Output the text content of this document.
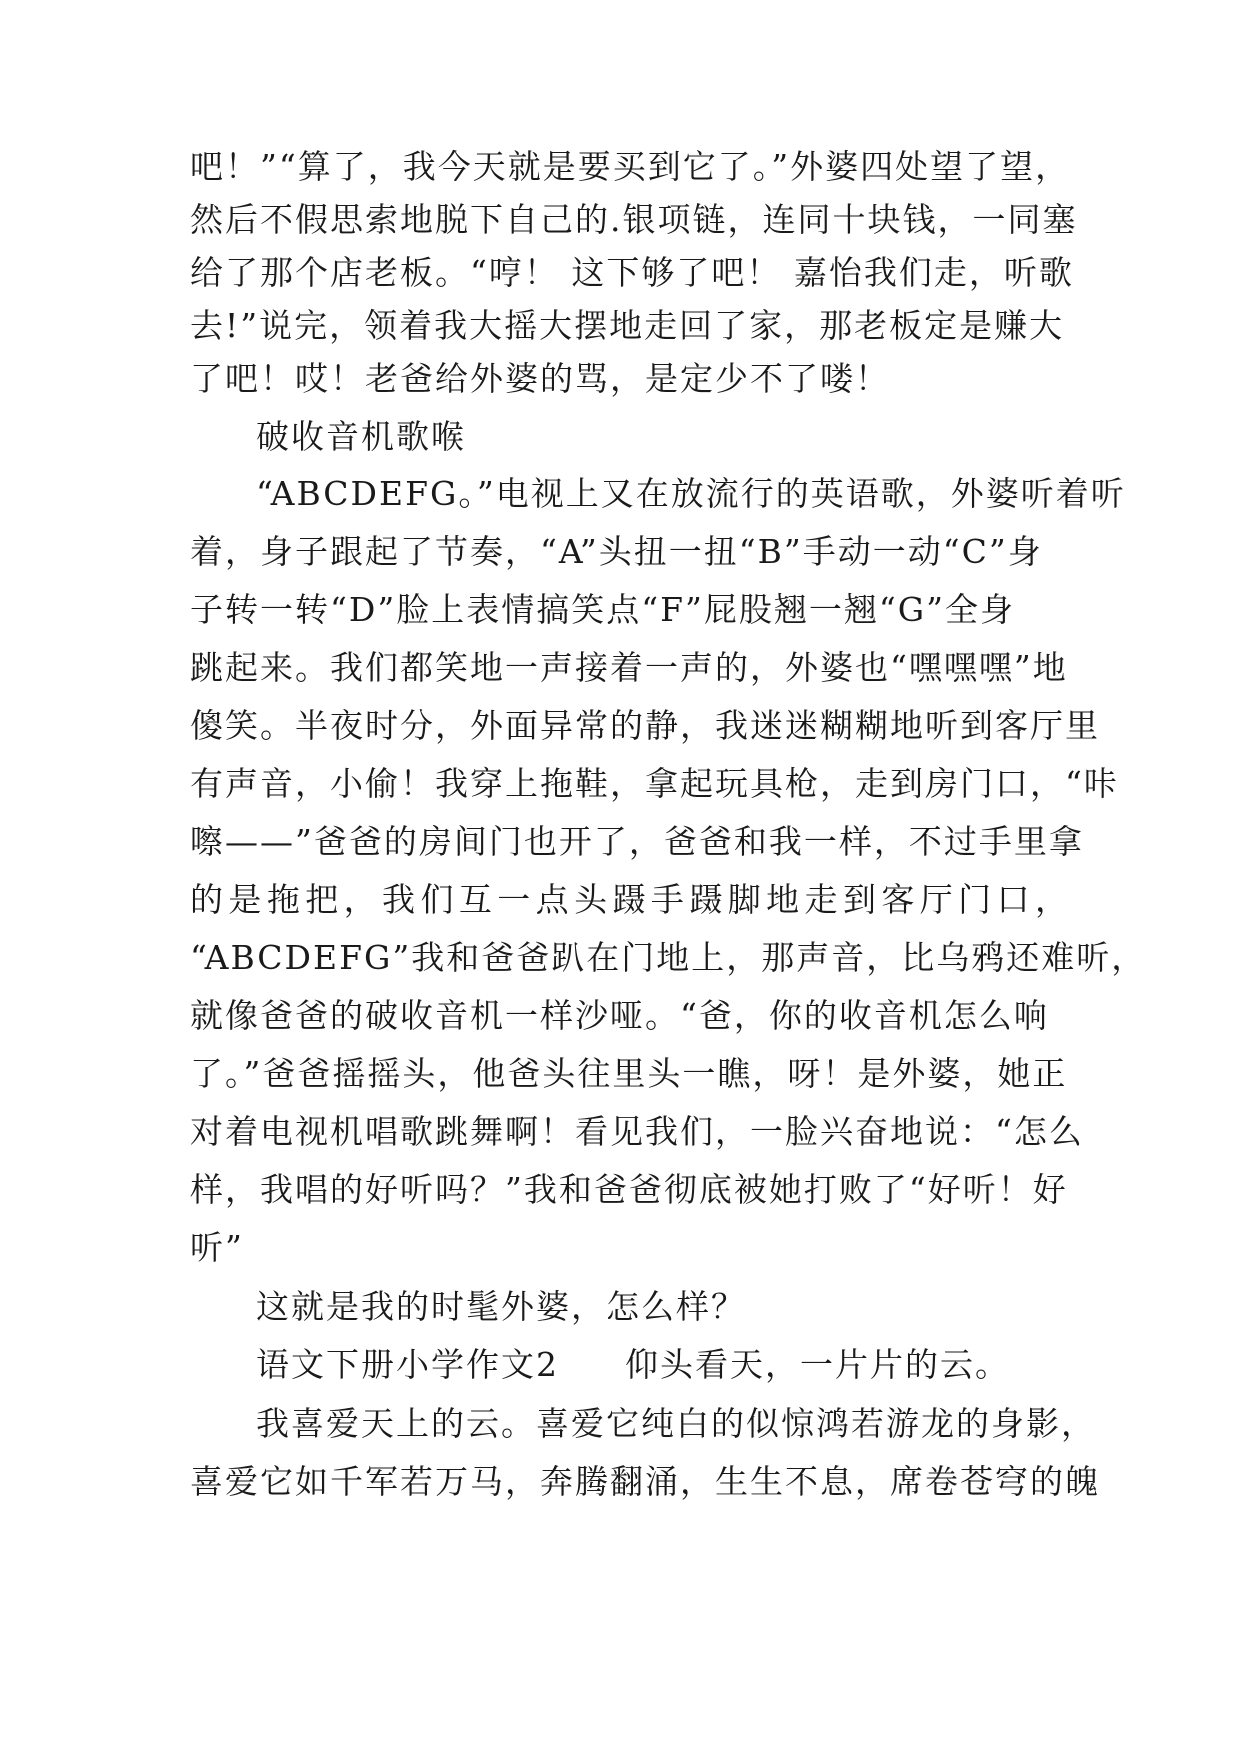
吧！”“算了，我今天就是要买到它了。”外婆四处望了望，
然后不假思索地脱下自己的.银项链，连同十块钱，一同塞
给了那个店老板。“哼！ 这下够了吧！ 嘉怡我们走，听歌
去!”说完，领着我大摇大摆地走回了家，那老板定是赚大
了吧！哎！老爸给外婆的骂，是定少不了喽！
破收音机歌喉
“ABCDEFG。”电视上又在放流行的英语歌，外婆听着听
着，身子跟起了节奏，“A”头扭一扭“B”手动一动“C”身
子转一转“D”脸上表情搞笑点“F”屁股翘一翘“G”全身
跳起来。我们都笑地一声接着一声的，外婆也“嘿嘿嘿”地
傻笑。半夜时分，外面异常的静，我迷迷糊糊地听到客厅里
有声音，小偷！我穿上拖鞋，拿起玩具枪，走到房门口，“咔
嚓——”爸爸的房间门也开了，爸爸和我一样，不过手里拿
的是拖把，我们互一点头蹑手蹑脚地走到客厅门口，
“ABCDEFG”我和爸爸趴在门地上，那声音，比乌鸦还难听，
就像爸爸的破收音机一样沙哑。“爸，你的收音机怎么响
了。”爸爸摇摇头，他爸头往里头一瞧，呀！是外婆，她正
对着电视机唱歌跳舞啊！看见我们，一脸兴奋地说：“怎么
样，我唱的好听吗？”我和爸爸彻底被她打败了“好听！好
听”
这就是我的时髦外婆，怎么样？
语文下册小学作文2 仰头看天，一片片的云。
我喜爱天上的云。喜爱它纯白的似惊鸿若游龙的身影，
喜爱它如千军若万马，奔腾翻涌，生生不息，席卷苍穹的魄
